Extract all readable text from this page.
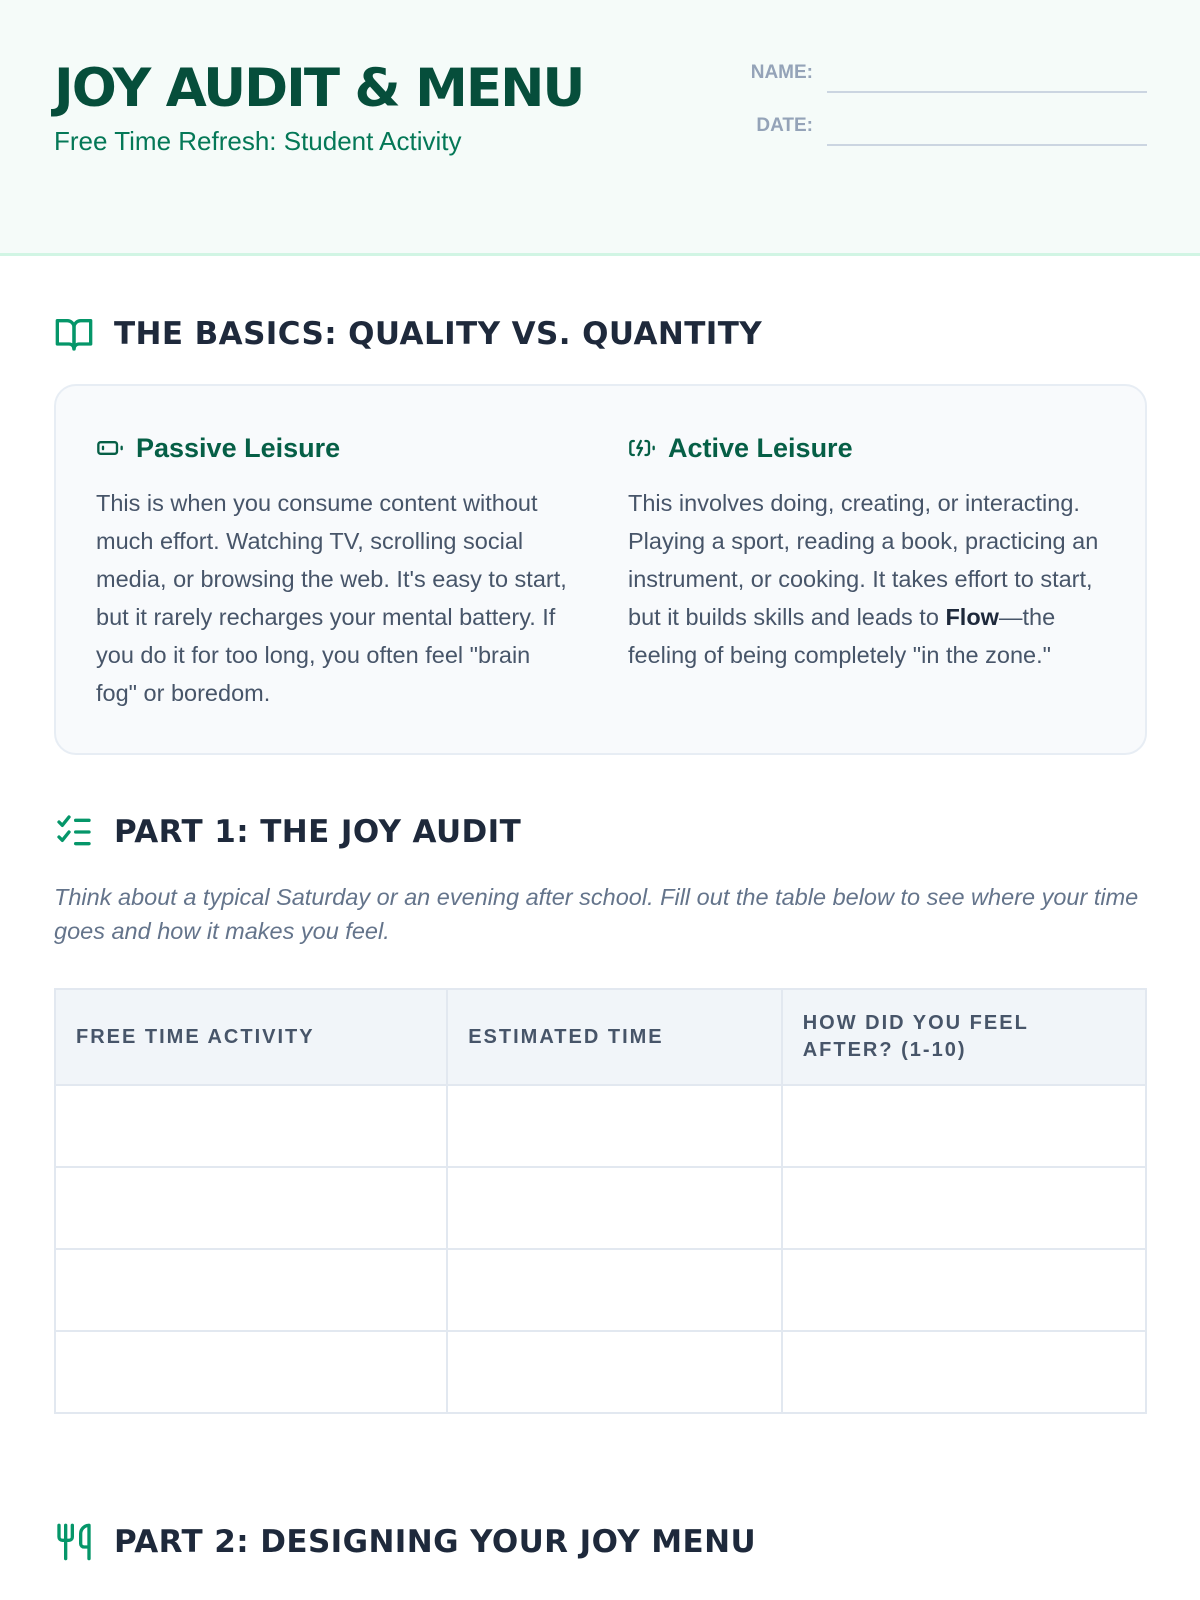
JOY AUDIT & MENU
Free Time Refresh: Student Activity
NAME:
DATE:
THE BASICS: QUALITY VS. QUANTITY
Passive Leisure

This is when you consume content without much effort. Watching TV, scrolling social media, or browsing the web. It's easy to start, but it rarely recharges your mental battery. If you do it for too long, you often feel "brain fog" or boredom.

Active Leisure

This involves doing, creating, or interacting. Playing a sport, reading a book, practicing an instrument, or cooking. It takes effort to start, but it builds skills and leads to Flow—the feeling of being completely "in the zone."

PART 1: THE JOY AUDIT

Think about a typical Saturday or an evening after school. Fill out the table below to see where your time goes and how it makes you feel.

FREE TIME ACTIVITY	ESTIMATED TIME	HOW DID YOU FEEL AFTER? (1-10)

PART 2: DESIGNING YOUR JOY MENU
